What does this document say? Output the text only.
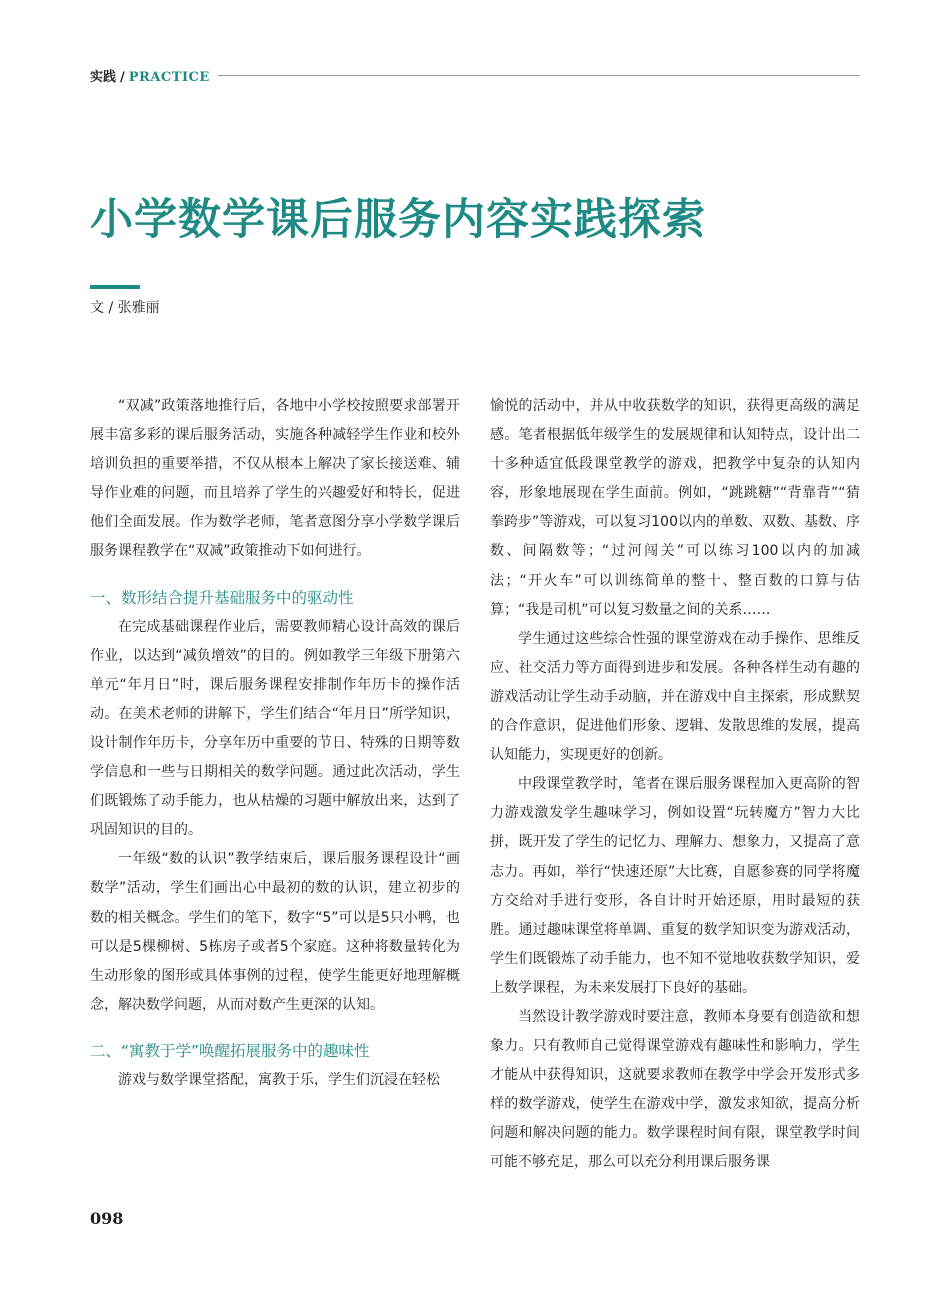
实践 / PRACTICE
小学数学课后服务内容实践探索
文 / 张雅丽

“双减”政策落地推行后，各地中小学校按照要求部署开展丰富多彩的课后服务活动，实施各种减轻学生作业和校外培训负担的重要举措，不仅从根本上解决了家长接送难、辅导作业难的问题，而且培养了学生的兴趣爱好和特长，促进他们全面发展。作为数学老师，笔者意图分享小学数学课后服务课程教学在“双减”政策推动下如何进行。

一、数形结合提升基础服务中的驱动性

在完成基础课程作业后，需要教师精心设计高效的课后作业，以达到“减负增效”的目的。例如教学三年级下册第六单元“年月日”时，课后服务课程安排制作年历卡的操作活动。在美术老师的讲解下，学生们结合“年月日”所学知识，设计制作年历卡，分享年历中重要的节日、特殊的日期等数学信息和一些与日期相关的数学问题。通过此次活动，学生们既锻炼了动手能力，也从枯燥的习题中解放出来，达到了巩固知识的目的。

一年级“数的认识”教学结束后，课后服务课程设计“画数学”活动，学生们画出心中最初的数的认识，建立初步的数的相关概念。学生们的笔下，数字“5”可以是5只小鸭，也可以是5棵柳树、5栋房子或者5个家庭。这种将数量转化为生动形象的图形或具体事例的过程，使学生能更好地理解概念，解决数学问题，从而对数产生更深的认知。

二、“寓教于学”唤醒拓展服务中的趣味性

游戏与数学课堂搭配，寓教于乐，学生们沉浸在轻松

愉悦的活动中，并从中收获数学的知识，获得更高级的满足感。笔者根据低年级学生的发展规律和认知特点，设计出二十多种适宜低段课堂教学的游戏，把教学中复杂的认知内容，形象地展现在学生面前。例如，“跳跳糖”“背靠背”“猜拳跨步”等游戏，可以复习100以内的单数、双数、基数、序数、间隔数等；“过河闯关”可以练习100以内的加减法；“开火车”可以训练简单的整十、整百数的口算与估算；“我是司机”可以复习数量之间的关系……

学生通过这些综合性强的课堂游戏在动手操作、思维反应、社交活力等方面得到进步和发展。各种各样生动有趣的游戏活动让学生动手动脑，并在游戏中自主探索，形成默契的合作意识，促进他们形象、逻辑、发散思维的发展，提高认知能力，实现更好的创新。

中段课堂教学时，笔者在课后服务课程加入更高阶的智力游戏激发学生趣味学习，例如设置“玩转魔方”智力大比拼，既开发了学生的记忆力、理解力、想象力，又提高了意志力。再如，举行“快速还原”大比赛，自愿参赛的同学将魔方交给对手进行变形，各自计时开始还原，用时最短的获胜。通过趣味课堂将单调、重复的数学知识变为游戏活动，学生们既锻炼了动手能力，也不知不觉地收获数学知识，爱上数学课程，为未来发展打下良好的基础。

当然设计教学游戏时要注意，教师本身要有创造欲和想象力。只有教师自己觉得课堂游戏有趣味性和影响力，学生才能从中获得知识，这就要求教师在教学中学会开发形式多样的数学游戏，使学生在游戏中学，激发求知欲，提高分析问题和解决问题的能力。数学课程时间有限，课堂教学时间可能不够充足，那么可以充分利用课后服务课

098
